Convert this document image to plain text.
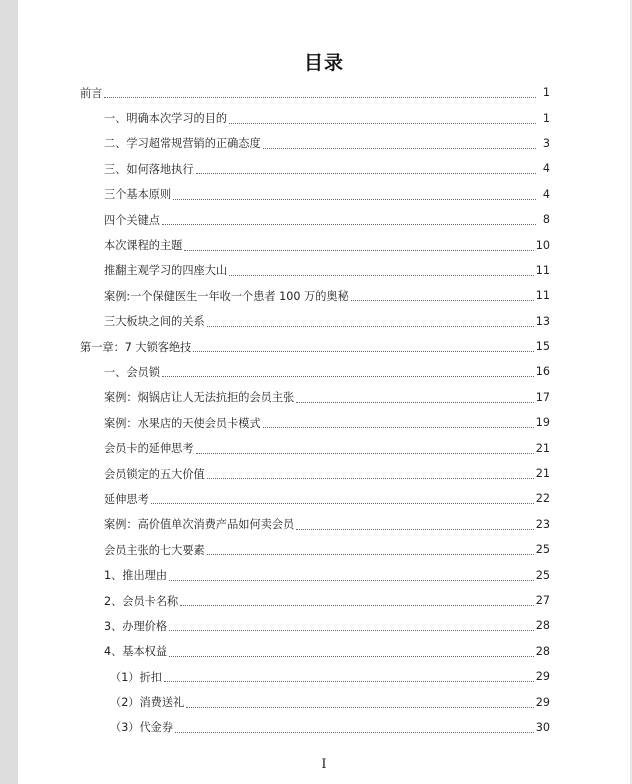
目录
前言	1
一、明确本次学习的目的	1
二、学习超常规营销的正确态度	3
三、如何落地执行	4
三个基本原则	4
四个关键点	8
本次课程的主题	10
推翻主观学习的四座大山	11
案例:一个保健医生一年收一个患者 100 万的奥秘	11
三大板块之间的关系	13
第一章：7 大锁客绝技	15
一、会员锁	16
案例：焖锅店让人无法抗拒的会员主张	17
案例：水果店的天使会员卡模式	19
会员卡的延伸思考	21
会员锁定的五大价值	21
延伸思考	22
案例：高价值单次消费产品如何卖会员	23
会员主张的七大要素	25
1、推出理由	25
2、会员卡名称	27
3、办理价格	28
4、基本权益	28
（1）折扣	29
（2）消费送礼	29
（3）代金券	30
I
